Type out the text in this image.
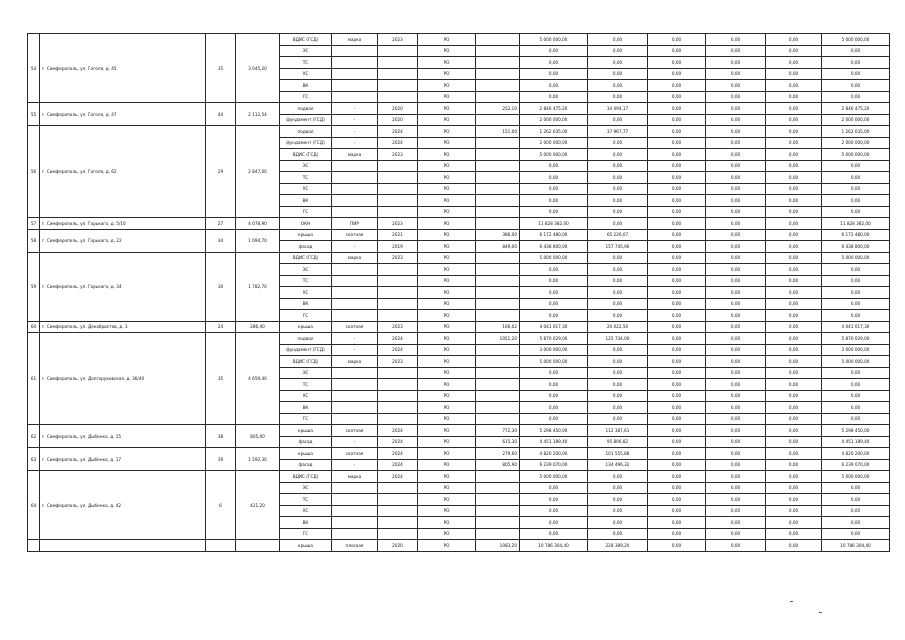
54	г. Симферополь, ул. Гоголя, д. 45	35	3 045,20	ВДИС (ГСД)	марка	2023	РО		5 000 000,00	0,00	0,00	0,00	0,00	5 000 000,00
				ЭС			РО		0,00	0,00	0,00	0,00	0,00	0,00
				ТС			РО		0,00	0,00	0,00	0,00	0,00	0,00
				ХС			РО		0,00	0,00	0,00	0,00	0,00	0,00
				ВК			РО		0,00	0,00	0,00	0,00	0,00	0,00
				ГС			РО		0,00	0,00	0,00	0,00	0,00	0,00
55	г. Симферополь, ул. Гоголя, д. 47	44	2 112,54	подвал	-	2020	РО	252,10	2 846 475,20	34 094,17	0,00	0,00	0,00	2 846 475,20
				фундамент (ГСД)	-	2020	РО		2 000 000,00	0,00	0,00	0,00	0,00	2 000 000,00
56	г. Симферополь, ул. Гоголя, д. 62	29	2 847,00	подвал	-	2024	РО	151,00	1 262 035,00	37 967,77	0,00	0,00	0,00	1 262 035,00
				фундамент (ГСД)	-	2024	РО		2 000 000,00	0,00	0,00	0,00	0,00	2 000 000,00
				ВДИС (ГСД)	марка	2023	РО		5 000 000,00	0,00	0,00	0,00	0,00	5 000 000,00
				ЭС			РО		0,00	0,00	0,00	0,00	0,00	0,00
				ТС			РО		0,00	0,00	0,00	0,00	0,00	0,00
				ХС			РО		0,00	0,00	0,00	0,00	0,00	0,00
				ВК			РО		0,00	0,00	0,00	0,00	0,00	0,00
				ГС			РО		0,00	0,00	0,00	0,00	0,00	0,00
57	г. Симферополь, ул. Горького, д. 5/10	27	4 078,90	ОКН	ПИР	2023	РО		11 828 382,00	0,00	0,00	0,00	0,00	11 828 382,00
58	г. Симферополь, ул. Горького, д. 22	34	1 094,70	крыша	скатная	2021	РО	386,00	6 172 480,00	65 226,07	0,00	0,00	0,00	6 172 480,00
				фасад	-	2019	РО	849,00	6 438 800,00	157 745,96	0,00	0,00	0,00	6 438 800,00
59	г. Симферополь, ул. Горького, д. 34	30	1 782,70	ВДИС (ГСД)	марка	2023	РО		5 000 000,00	0,00	0,00	0,00	0,00	5 000 000,00
				ЭС			РО		0,00	0,00	0,00	0,00	0,00	0,00
				ТС			РО		0,00	0,00	0,00	0,00	0,00	0,00
				ХС			РО		0,00	0,00	0,00	0,00	0,00	0,00
				ВК			РО		0,00	0,00	0,00	0,00	0,00	0,00
				ГС			РО		0,00	0,00	0,00	0,00	0,00	0,00
60	г. Симферополь, ул. Декабристов, д. 3	24	286,40	крыша	скатная	2023	РО	166,02	4 041 017,30	20 022,50	0,00	0,00	0,00	4 041 017,30
61	г. Симферополь, ул. Долгоруковская, д. 36/40	35	4 659,40	подвал	-	2024	РО	1051,20	5 870 029,00	125 734,00	0,00	0,00	0,00	5 870 029,00
				фундамент (ГСД)	-	2024	РО		3 000 000,00	0,00	0,00	0,00	0,00	3 000 000,00
				ВДИС (ГСД)	марка	2023	РО		5 000 000,00	0,00	0,00	0,00	0,00	5 000 000,00
				ЭС			РО		0,00	0,00	0,00	0,00	0,00	0,00
				ТС			РО		0,00	0,00	0,00	0,00	0,00	0,00
				ХС			РО		0,00	0,00	0,00	0,00	0,00	0,00
				ВК			РО		0,00	0,00	0,00	0,00	0,00	0,00
				ГС			РО		0,00	0,00	0,00	0,00	0,00	0,00
62	г. Симферополь, ул. Дыбенко, д. 15	38	805,00	крыша	скатная	2024	РО	772,30	5 298 450,00	112 387,61	0,00	0,00	0,00	5 298 450,00
				фасад	-	2024	РО	615,30	4 451 189,40	95 806,82	0,00	0,00	0,00	4 451 189,40
63	г. Симферополь, ул. Дыбенко, д. 17	39	1 592,30	крыша	скатная	2024	РО	279,60	4 820 200,00	101 555,88	0,00	0,00	0,00	4 820 200,00
				фасад	-	2024	РО	805,90	6 239 070,00	134 496,32	0,00	0,00	0,00	6 239 070,00
64	г. Симферополь, ул. Дыбенко, д. 42	6	421,20	ВДИС (ГСД)	марка	2024	РО		5 000 000,00	0,00	0,00	0,00	0,00	5 000 000,00
				ЭС			РО		0,00	0,00	0,00	0,00	0,00	0,00
				ТС			РО		0,00	0,00	0,00	0,00	0,00	0,00
				ХС			РО		0,00	0,00	0,00	0,00	0,00	0,00
				ВК			РО		0,00	0,00	0,00	0,00	0,00	0,00
				ГС			РО		0,00	0,00	0,00	0,00	0,00	0,00
				крыша	плоская	2020	РО	1083,20	10 786 304,40	228 389,20	0,00	0,00	0,00	10 786 304,40
